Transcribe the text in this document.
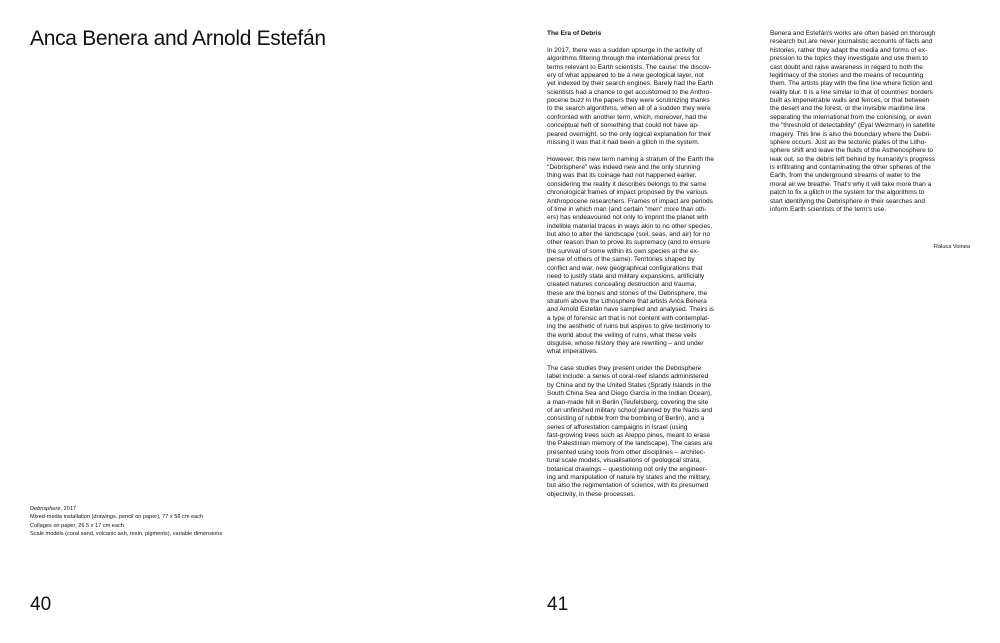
Anca Benera and Arnold Estefán
Debrisphere, 2017
Mixed-media installation (drawings, pencil on paper), 77 x 56 cm each
Collages on paper, 26.5 x 17 cm each
Scale models (coral sand, volcanic ash, resin, pigments), variable dimensions
40
The Era of Debris

In 2017, there was a sudden upsurge in the activity of
algorithms filtering through the international press for
terms relevant to Earth scientists. The cause: the discov-
ery of what appeared to be a new geological layer, not
yet indexed by their search engines. Barely had the Earth
scientists had a chance to get accustomed to the Anthro-
pocene buzz in the papers they were scrutinizing thanks
to the search algorithms, when all of a sudden they were
confronted with another term, which, moreover, had the
conceptual heft of something that could not have ap-
peared overnight, so the only logical explanation for their
missing it was that it had been a glitch in the system.

However, this new term naming a stratum of the Earth the
"Debrisphere" was indeed new and the only stunning
thing was that its coinage had not happened earlier,
considering the reality it describes belongs to the same
chronological frames of impact proposed by the various
Anthropocene researchers. Frames of impact are periods
of time in which man (and certain "men" more than oth-
ers) has endeavoured not only to imprint the planet with
indelible material traces in ways akin to no other species,
but also to alter the landscape (soil, seas, and air) for no
other reason than to prove its supremacy (and to ensure
the survival of some within its own species at the ex-
pense of others of the same). Territories shaped by
conflict and war, new geographical configurations that
need to justify state and military expansions, artificially
created natures concealing destruction and trauma,
these are the bones and stones of the Debrisphere, the
stratum above the Lithosphere that artists Anca Benera
and Arnold Estefán have sampled and analysed. Theirs is
a type of forensic art that is not content with contemplat-
ing the aesthetic of ruins but aspires to give testimony to
the world about the veiling of ruins, what these veils
disguise, whose history they are rewriting – and under
what imperatives.

The case studies they present under the Debrisphere
label include: a series of coral-reef islands administered
by China and by the United States (Spratly Islands in the
South China Sea and Diego Garcia in the Indian Ocean),
a man-made hill in Berlin (Teufelsberg, covering the site
of an unfinished military school planned by the Nazis and
consisting of rubble from the bombing of Berlin), and a
series of afforestation campaigns in Israel (using
fast-growing trees such as Aleppo pines, meant to erase
the Palestinian memory of the landscape). The cases are
presented using tools from other disciplines – architec-
tural scale models, visualisations of geological strata,
botanical drawings – questioning not only the engineer-
ing and manipulation of nature by states and the military,
but also the regimentation of science, with its presumed
objectivity, in these processes.

Benera and Estefán's works are often based on thorough
research but are never journalistic accounts of facts and
histories, rather they adapt the media and forms of ex-
pression to the topics they investigate and use them to
cast doubt and raise awareness in regard to both the
legitimacy of the stories and the means of recounting
them. The artists play with the fine line where fiction and
reality blur. It is a line similar to that of countries' borders
built as impenetrable walls and fences, or that between
the desert and the forest, or the invisible maritime line
separating the international from the colonising, or even
the "threshold of detectability" (Eyal Weizman) in satellite
imagery. This line is also the boundary where the Debri-
sphere occurs. Just as the tectonic plates of the Litho-
sphere shift and leave the fluids of the Asthenosphere to
leak out, so the debris left behind by humanity's progress
is infiltrating and contaminating the other spheres of the
Earth, from the underground streams of water to the
moral air we breathe. That's why it will take more than a
patch to fix a glitch in the system for the algorithms to
start identifying the Debrisphere in their searches and
inform Earth scientists of the term's use.

Raluca Voinea
41
